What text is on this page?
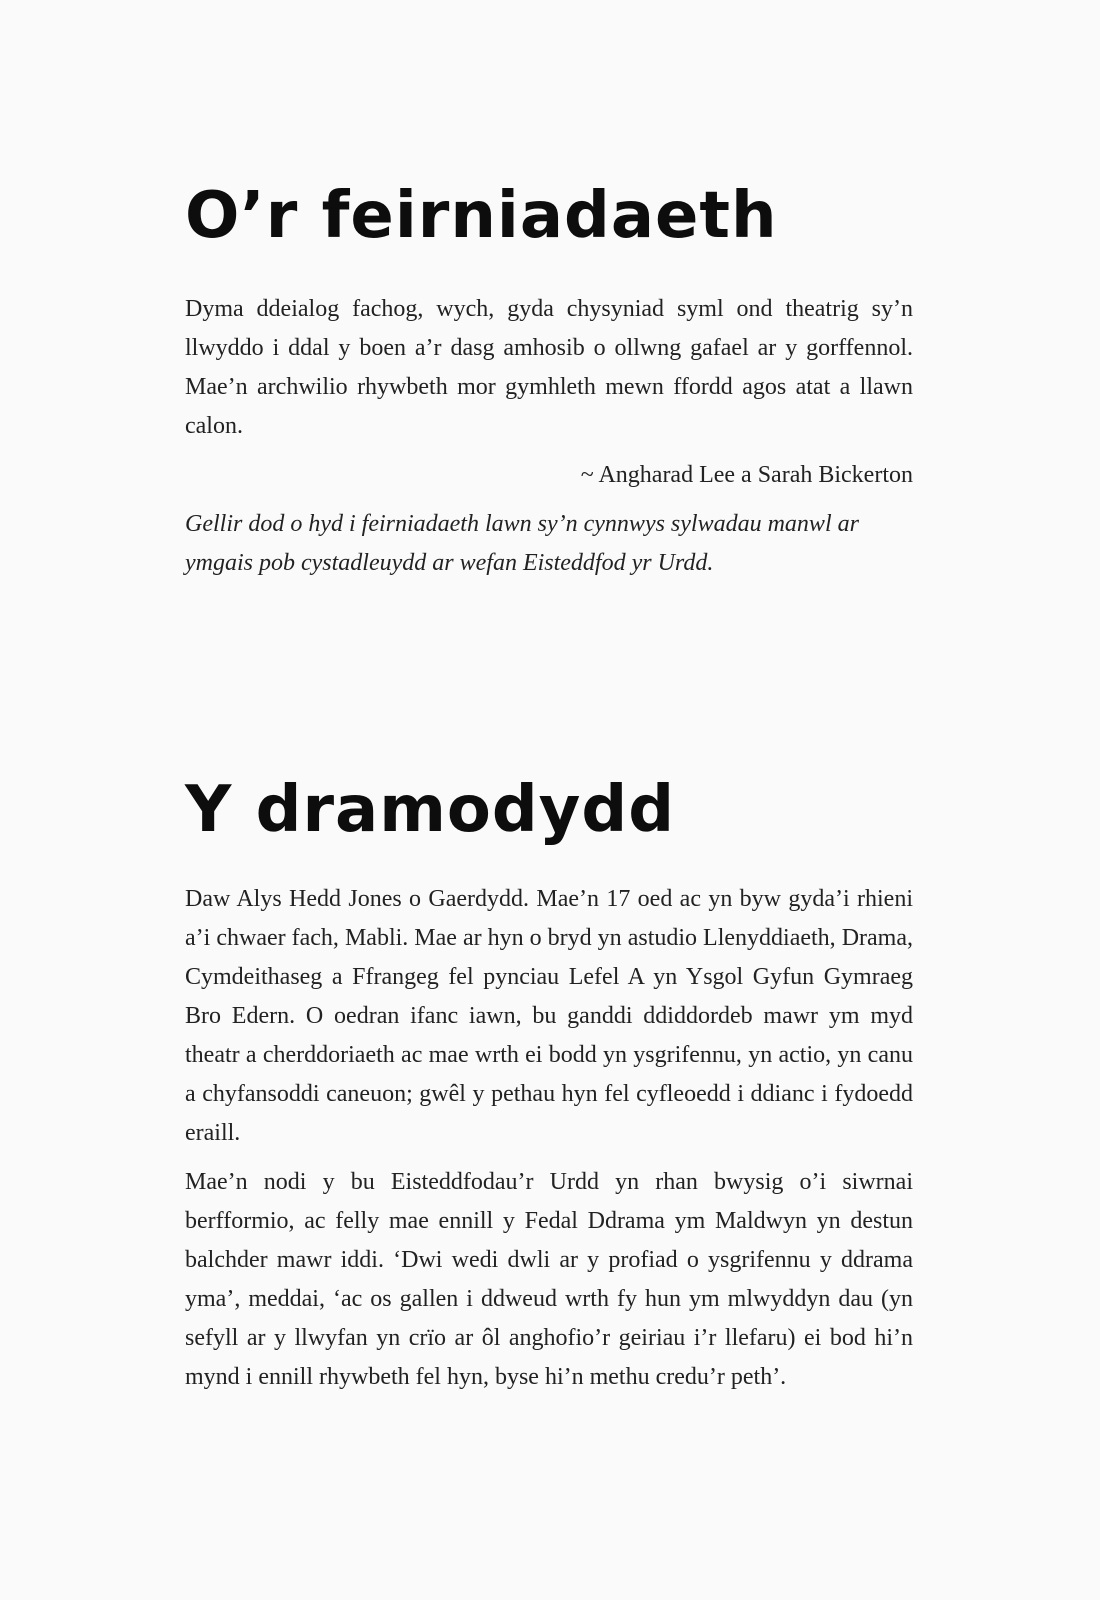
O’r feirniadaeth

Dyma ddeialog fachog, wych, gyda chysyniad syml ond theatrig sy’n llwyddo i ddal y boen a’r dasg amhosib o ollwng gafael ar y gorffennol. Mae’n archwilio rhywbeth mor gymhleth mewn ffordd agos atat a llawn calon.

~ Angharad Lee a Sarah Bickerton

Gellir dod o hyd i feirniadaeth lawn sy’n cynnwys sylwadau manwl ar ymgais pob cystadleuydd ar wefan Eisteddfod yr Urdd.

Y dramodydd

Daw Alys Hedd Jones o Gaerdydd. Mae’n 17 oed ac yn byw gyda’i rhieni a’i chwaer fach, Mabli. Mae ar hyn o bryd yn astudio Llenyddiaeth, Drama, Cymdeithaseg a Ffrangeg fel pynciau Lefel A yn Ysgol Gyfun Gymraeg Bro Edern. O oedran ifanc iawn, bu ganddi ddiddordeb mawr ym myd theatr a cherddoriaeth ac mae wrth ei bodd yn ysgrifennu, yn actio, yn canu a chyfansoddi caneuon; gwêl y pethau hyn fel cyfleoedd i ddianc i fydoedd eraill.

Mae’n nodi y bu Eisteddfodau’r Urdd yn rhan bwysig o’i siwrnai berfformio, ac felly mae ennill y Fedal Ddrama ym Maldwyn yn destun balchder mawr iddi. ‘Dwi wedi dwli ar y profiad o ysgrifennu y ddrama yma’, meddai, ‘ac os gallen i ddweud wrth fy hun ym mlwyddyn dau (yn sefyll ar y llwyfan yn crïo ar ôl anghofio’r geiriau i’r llefaru) ei bod hi’n mynd i ennill rhywbeth fel hyn, byse hi’n methu credu’r peth’.
